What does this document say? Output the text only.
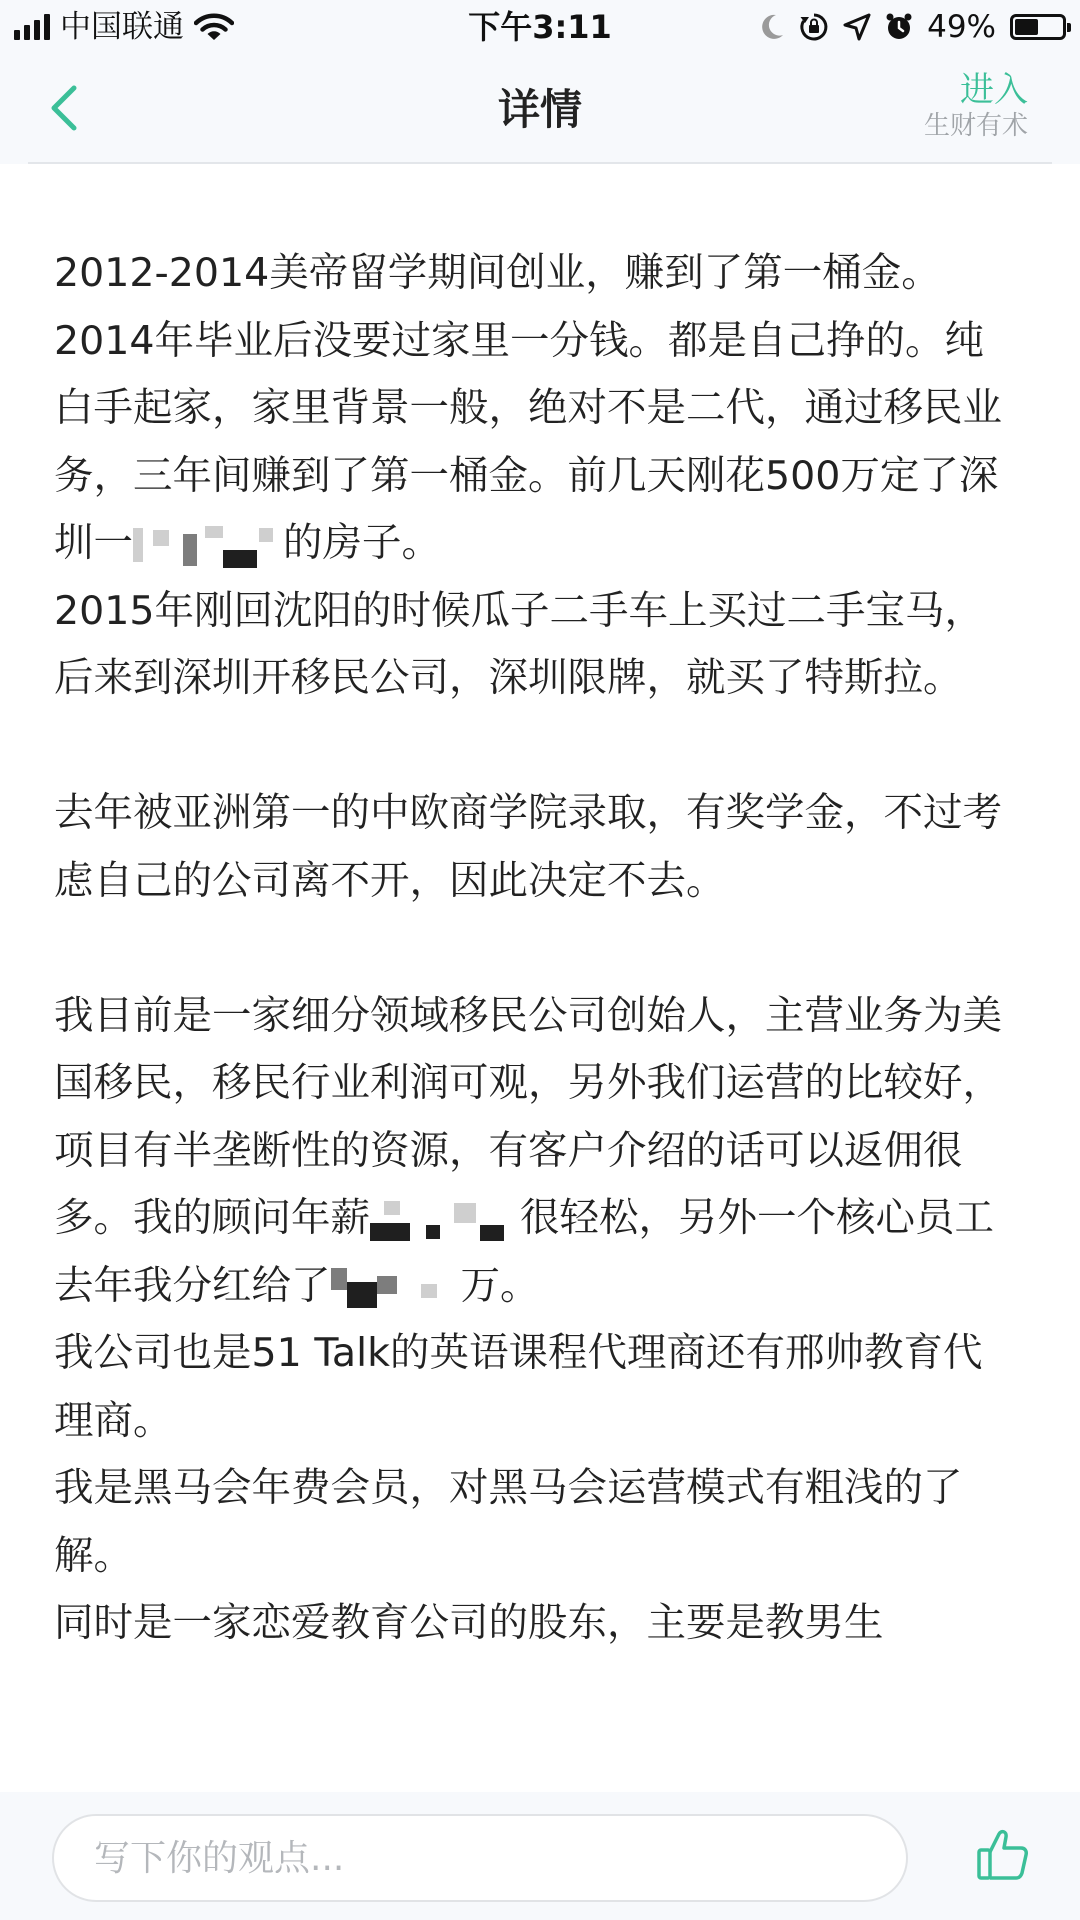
中国联通	下午3:11	49%
详情	进入
生财有术
2012-2014美帝留学期间创业，赚到了第一桶金。2014年毕业后没要过家里一分钱。都是自己挣的。纯白手起家，家里背景一般，绝对不是二代，通过移民业务，三年间赚到了第一桶金。前几天刚花500万定了深圳一	的房子。
2015年刚回沈阳的时候瓜子二手车上买过二手宝马，后来到深圳开移民公司，深圳限牌，就买了特斯拉。
去年被亚洲第一的中欧商学院录取，有奖学金，不过考虑自己的公司离不开，因此决定不去。
我目前是一家细分领域移民公司创始人，主营业务为美国移民，移民行业利润可观，另外我们运营的比较好，项目有半垄断性的资源，有客户介绍的话可以返佣很多。我的顾问年薪	很轻松，另外一个核心员工去年我分红给了	万。
我公司也是51 Talk的英语课程代理商还有邢帅教育代理商。
我是黑马会年费会员，对黑马会运营模式有粗浅的了解。
同时是一家恋爱教育公司的股东，主要是教男生
写下你的观点...
